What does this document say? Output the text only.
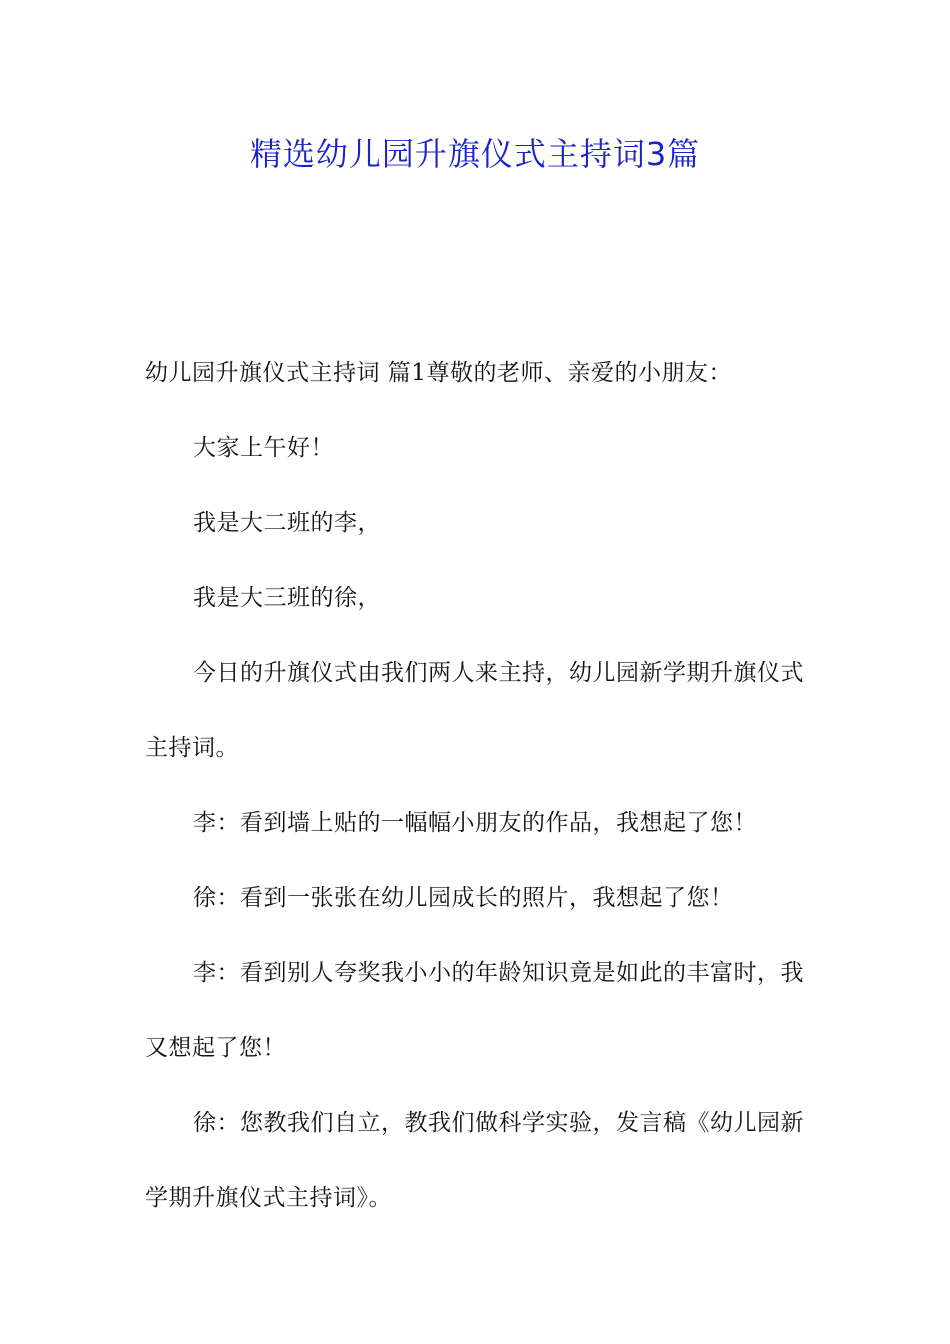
精选幼儿园升旗仪式主持词3篇

幼儿园升旗仪式主持词 篇1尊敬的老师、亲爱的小朋友：

大家上午好！

我是大二班的李，

我是大三班的徐，

今日的升旗仪式由我们两人来主持，幼儿园新学期升旗仪式主持词。

李：看到墙上贴的一幅幅小朋友的作品，我想起了您！

徐：看到一张张在幼儿园成长的照片，我想起了您！

李：看到别人夸奖我小小的年龄知识竟是如此的丰富时，我又想起了您！

徐：您教我们自立，教我们做科学实验，发言稿《幼儿园新学期升旗仪式主持词》。
